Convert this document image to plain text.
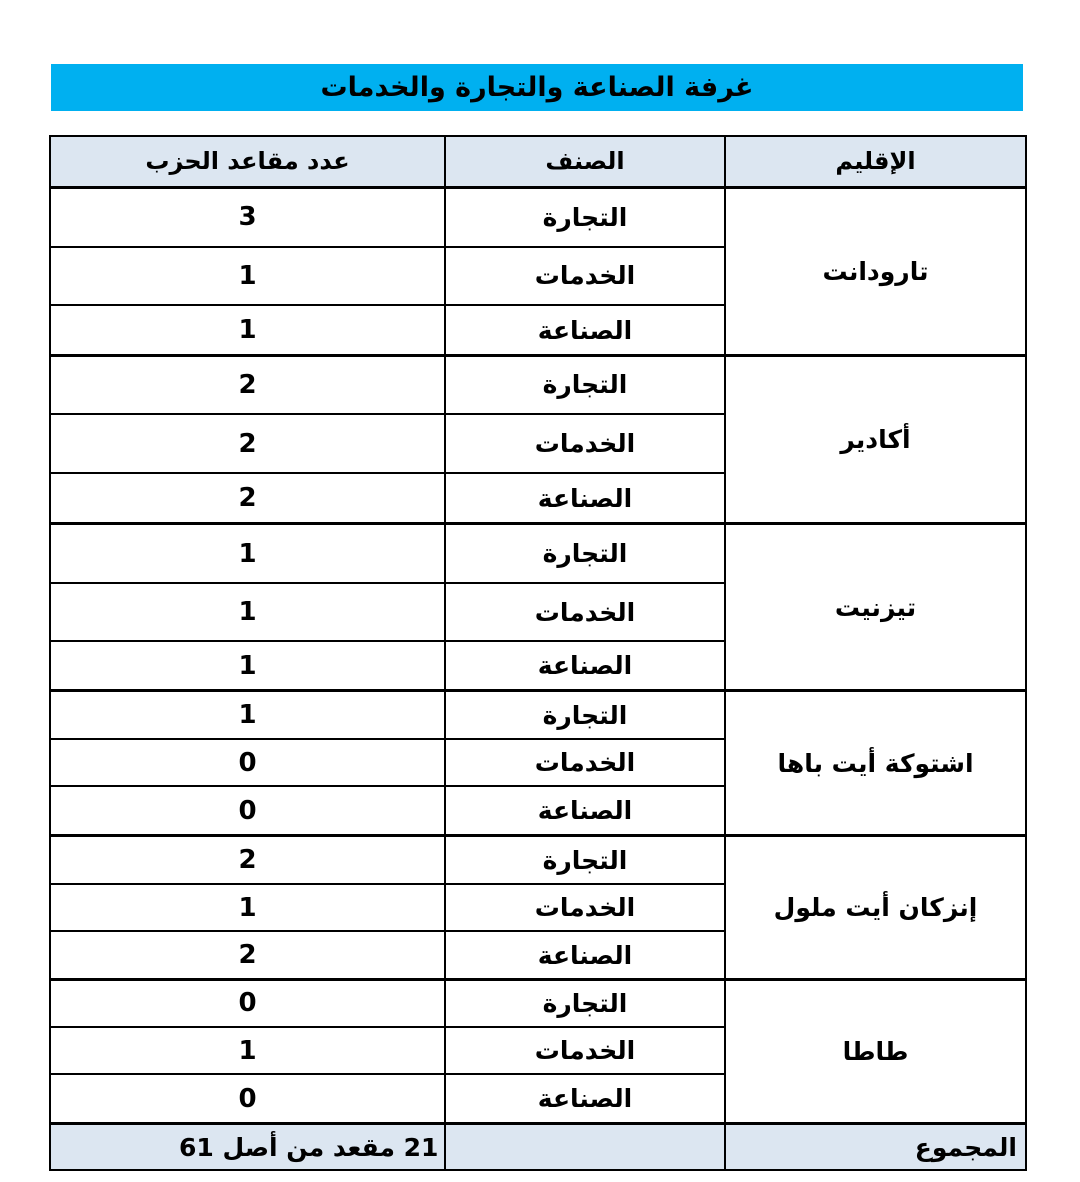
غرفة الصناعة والتجارة والخدمات
عدد مقاعد الحزب	الصنف	الإقليم
3	التجارة	تارودانت
1	الخدمات	
1	الصناعة	
2	التجارة	أكادير
2	الخدمات	
2	الصناعة	
1	التجارة	تيزنيت
1	الخدمات	
1	الصناعة	
1	التجارة	اشتوكة أيت باها
0	الخدمات	
0	الصناعة	
2	التجارة	إنزكان أيت ملول
1	الخدمات	
2	الصناعة	
0	التجارة	طاطا
1	الخدمات	
0	الصناعة	
21 مقعد من أصل 61		المجموع
